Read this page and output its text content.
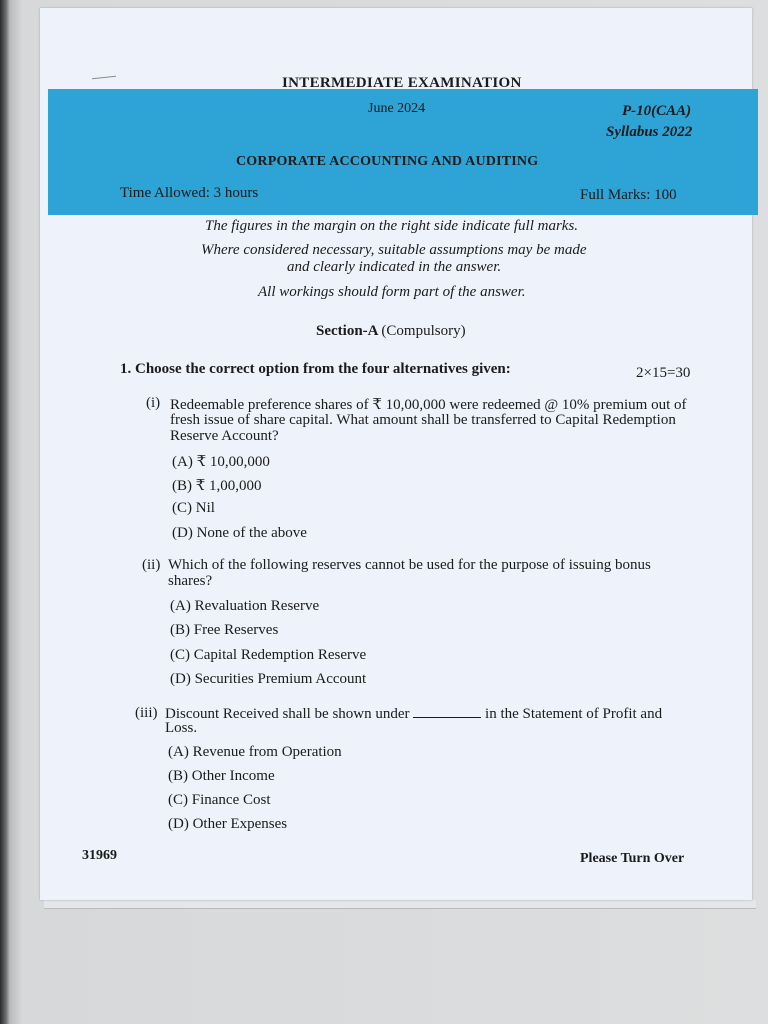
INTERMEDIATE EXAMINATION
June 2024	P-10(CAA)
Syllabus 2022
CORPORATE ACCOUNTING AND AUDITING
Time Allowed: 3 hours	Full Marks: 100
The figures in the margin on the right side indicate full marks.
Where considered necessary, suitable assumptions may be made
and clearly indicated in the answer.
All workings should form part of the answer.
Section-A (Compulsory)
1. Choose the correct option from the four alternatives given:	2×15=30
(i) Redeemable preference shares of ₹ 10,00,000 were redeemed @ 10% premium out of
fresh issue of share capital. What amount shall be transferred to Capital Redemption
Reserve Account?
(A) ₹ 10,00,000
(B) ₹ 1,00,000
(C) Nil
(D) None of the above
(ii) Which of the following reserves cannot be used for the purpose of issuing bonus
shares?
(A) Revaluation Reserve
(B) Free Reserves
(C) Capital Redemption Reserve
(D) Securities Premium Account
(iii) Discount Received shall be shown under	in the Statement of Profit and
Loss.
(A) Revenue from Operation
(B) Other Income
(C) Finance Cost
(D) Other Expenses
31969	Please Turn Over
